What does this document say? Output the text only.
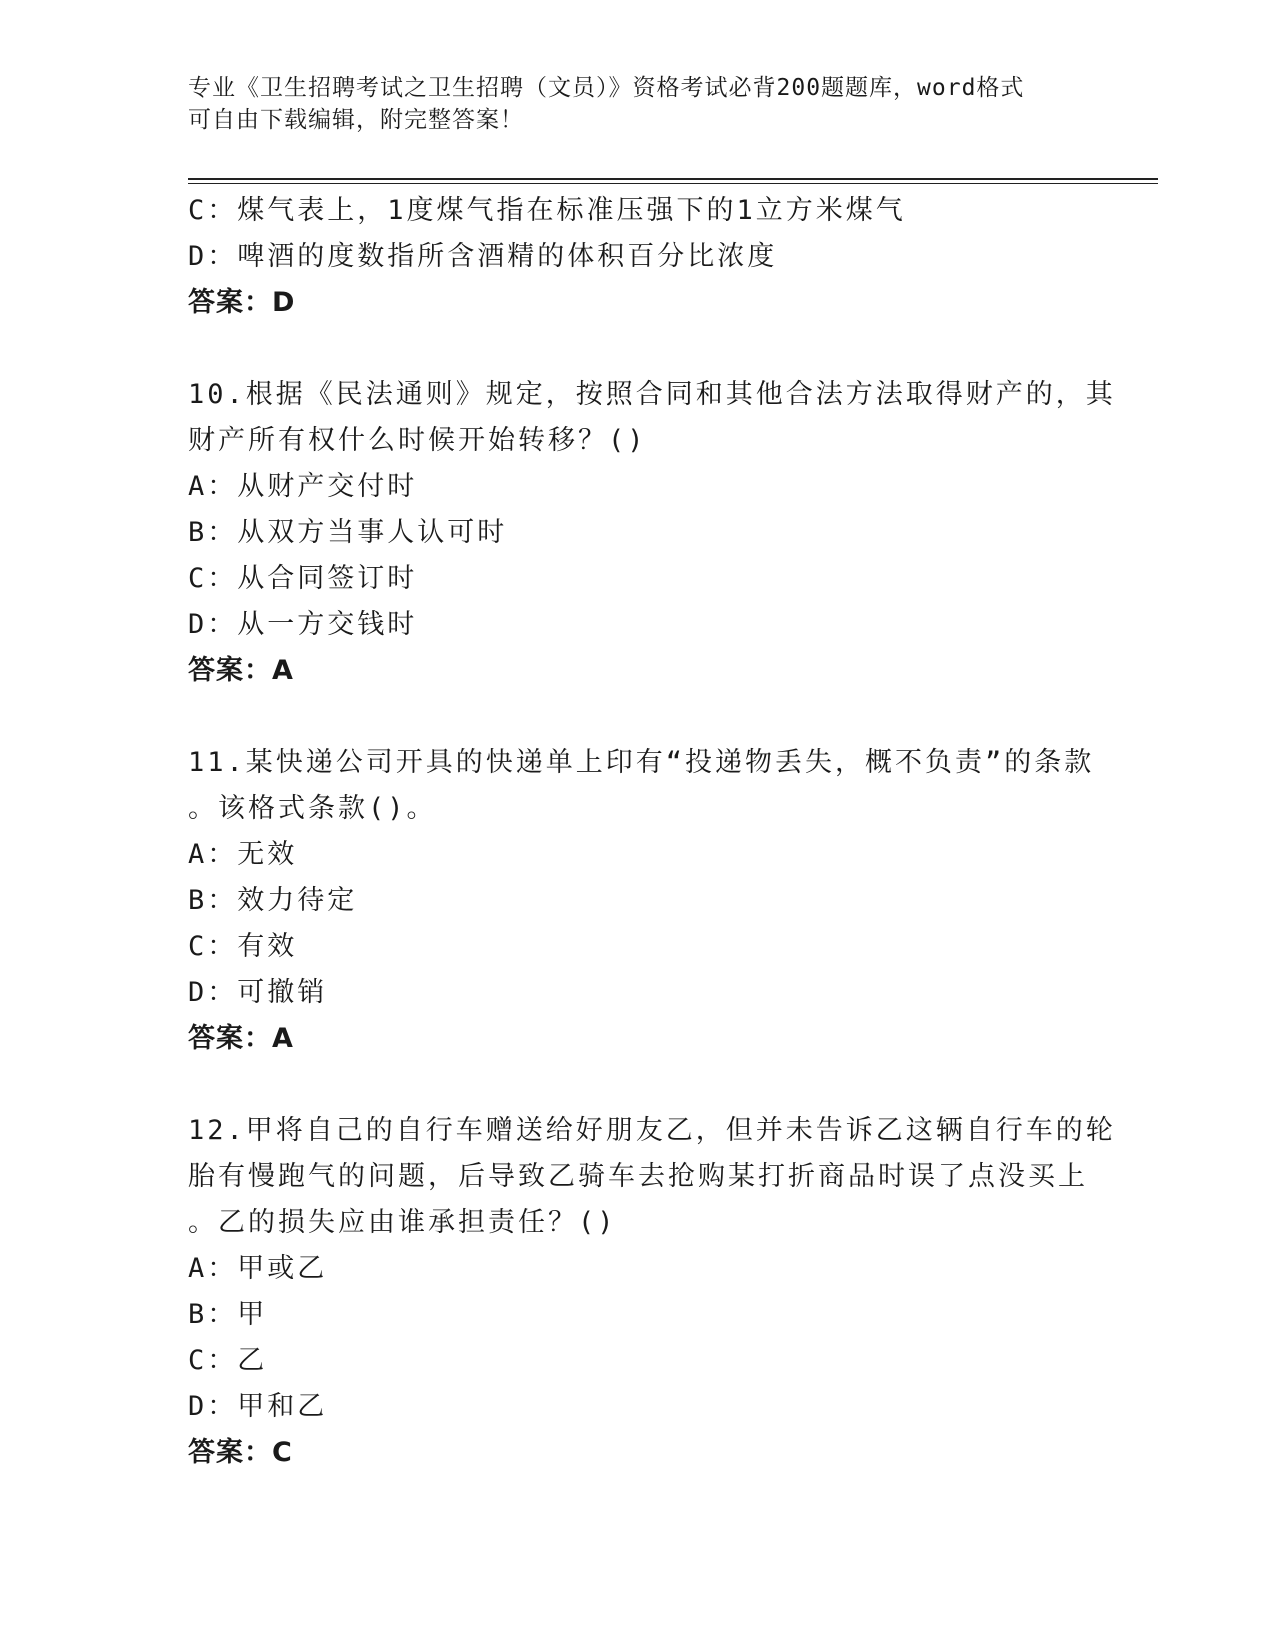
专业《卫生招聘考试之卫生招聘（文员）》资格考试必背200题题库，word格式
可自由下载编辑，附完整答案！
C：煤气表上，1度煤气指在标准压强下的1立方米煤气
D：啤酒的度数指所含酒精的体积百分比浓度
答案：D
10.根据《民法通则》规定，按照合同和其他合法方法取得财产的，其
财产所有权什么时候开始转移？()
A：从财产交付时
B：从双方当事人认可时
C：从合同签订时
D：从一方交钱时
答案：A
11.某快递公司开具的快递单上印有“投递物丢失，概不负责”的条款
。该格式条款()。
A：无效
B：效力待定
C：有效
D：可撤销
答案：A
12.甲将自己的自行车赠送给好朋友乙，但并未告诉乙这辆自行车的轮
胎有慢跑气的问题，后导致乙骑车去抢购某打折商品时误了点没买上
。乙的损失应由谁承担责任？()
A：甲或乙
B：甲
C：乙
D：甲和乙
答案：C
